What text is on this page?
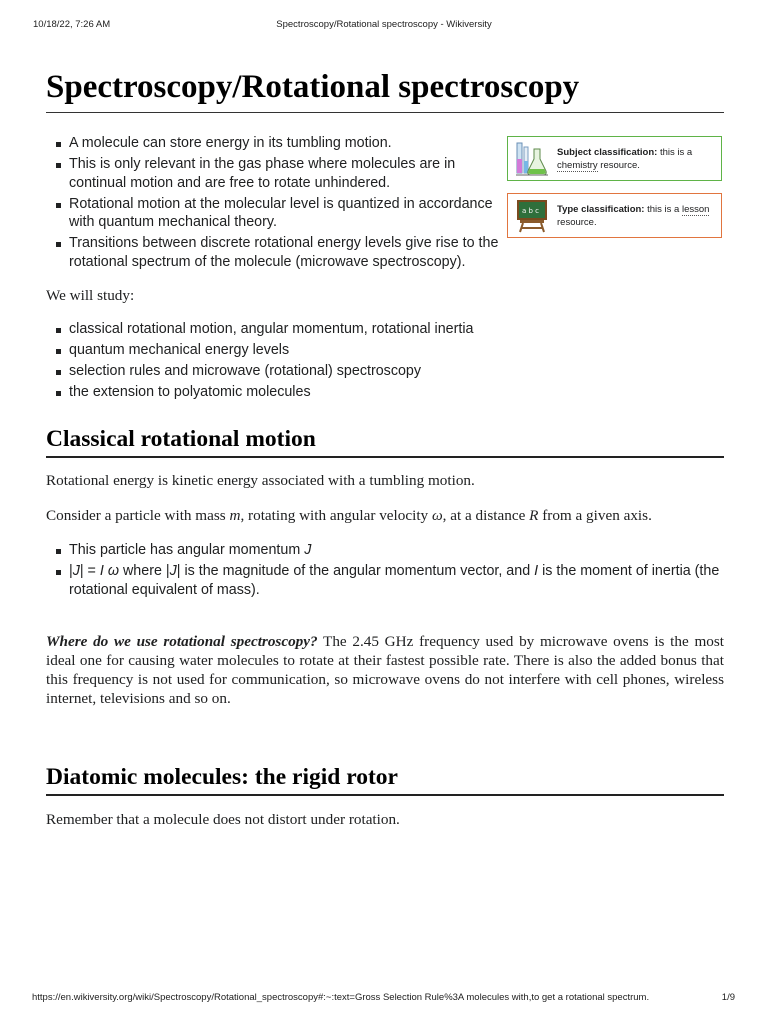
10/18/22, 7:26 AM	Spectroscopy/Rotational spectroscopy - Wikiversity
Spectroscopy/Rotational spectroscopy
A molecule can store energy in its tumbling motion.
This is only relevant in the gas phase where molecules are in continual motion and are free to rotate unhindered.
Rotational motion at the molecular level is quantized in accordance with quantum mechanical theory.
Transitions between discrete rotational energy levels give rise to the rotational spectrum of the molecule (microwave spectroscopy).
Subject classification: this is a chemistry resource.
a b c Type classification: this is a lesson resource.

We will study:

classical rotational motion, angular momentum, rotational inertia
quantum mechanical energy levels
selection rules and microwave (rotational) spectroscopy
the extension to polyatomic molecules
Classical rotational motion

Rotational energy is kinetic energy associated with a tumbling motion.

Consider a particle with mass m, rotating with angular velocity ω, at a distance R from a given axis.

This particle has angular momentum J
|J| = I ω where |J| is the magnitude of the angular momentum vector, and I is the moment of inertia (the rotational equivalent of mass).

Where do we use rotational spectroscopy? The 2.45 GHz frequency used by microwave ovens is the most ideal one for causing water molecules to rotate at their fastest possible rate. There is also the added bonus that this frequency is not used for communication, so microwave ovens do not interfere with cell phones, wireless internet, televisions and so on.

Diatomic molecules: the rigid rotor

Remember that a molecule does not distort under rotation.

https://en.wikiversity.org/wiki/Spectroscopy/Rotational_spectroscopy#:~:text=Gross Selection Rule%3A molecules with,to get a rotational spectrum.	1/9
